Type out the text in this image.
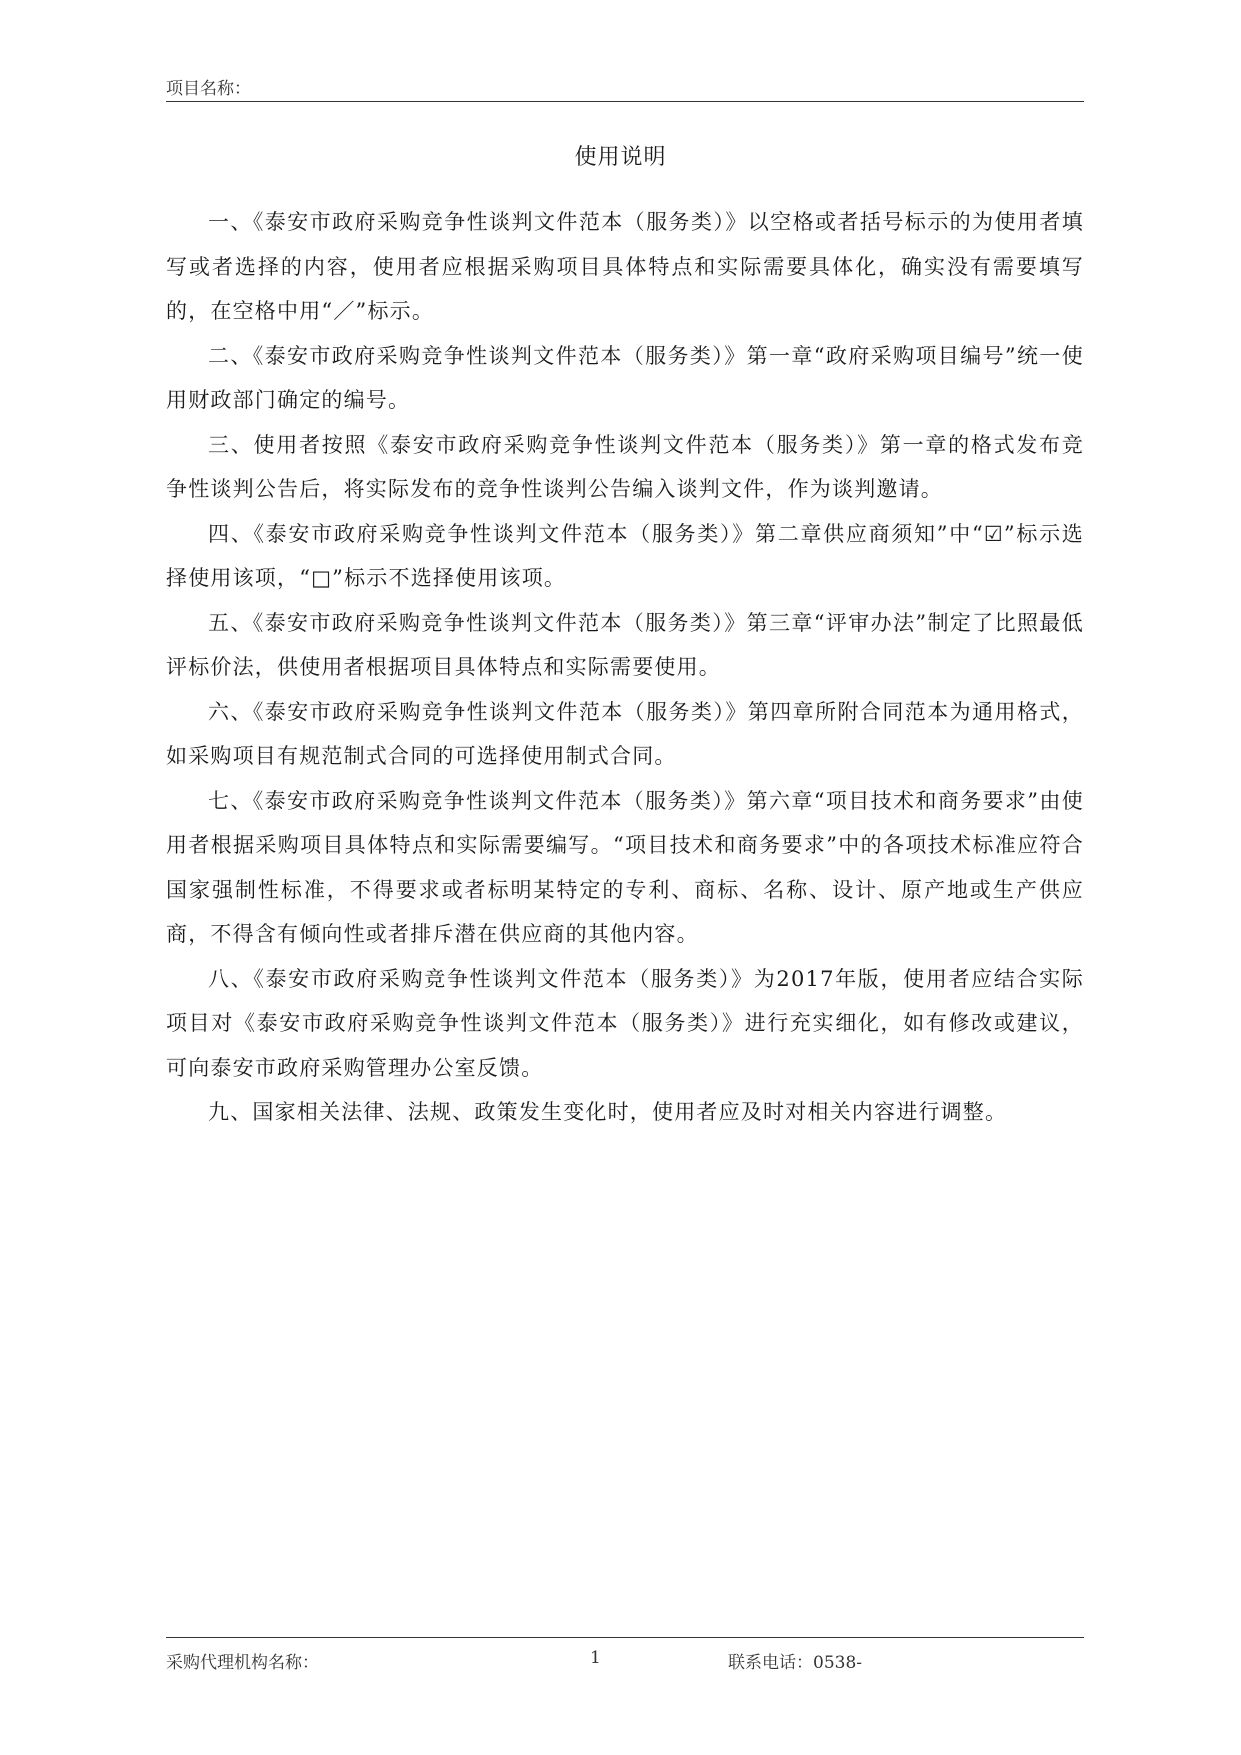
项目名称：
使用说明

一、《泰安市政府采购竞争性谈判文件范本（服务类）》以空格或者括号标示的为使用者填写或者选择的内容，使用者应根据采购项目具体特点和实际需要具体化，确实没有需要填写的，在空格中用“／”标示。

二、《泰安市政府采购竞争性谈判文件范本（服务类）》第一章“政府采购项目编号”统一使用财政部门确定的编号。

三、使用者按照《泰安市政府采购竞争性谈判文件范本（服务类）》第一章的格式发布竞争性谈判公告后，将实际发布的竞争性谈判公告编入谈判文件，作为谈判邀请。

四、《泰安市政府采购竞争性谈判文件范本（服务类）》第二章供应商须知”中“☑”标示选择使用该项，“□”标示不选择使用该项。

五、《泰安市政府采购竞争性谈判文件范本（服务类）》第三章“评审办法”制定了比照最低评标价法，供使用者根据项目具体特点和实际需要使用。

六、《泰安市政府采购竞争性谈判文件范本（服务类）》第四章所附合同范本为通用格式，如采购项目有规范制式合同的可选择使用制式合同。

七、《泰安市政府采购竞争性谈判文件范本（服务类）》第六章“项目技术和商务要求”由使用者根据采购项目具体特点和实际需要编写。“项目技术和商务要求”中的各项技术标准应符合国家强制性标准，不得要求或者标明某特定的专利、商标、名称、设计、原产地或生产供应商，不得含有倾向性或者排斥潜在供应商的其他内容。

八、《泰安市政府采购竞争性谈判文件范本（服务类）》为2017年版，使用者应结合实际项目对《泰安市政府采购竞争性谈判文件范本（服务类）》进行充实细化，如有修改或建议，可向泰安市政府采购管理办公室反馈。

九、国家相关法律、法规、政策发生变化时，使用者应及时对相关内容进行调整。

采购代理机构名称：	1	联系电话：0538-
